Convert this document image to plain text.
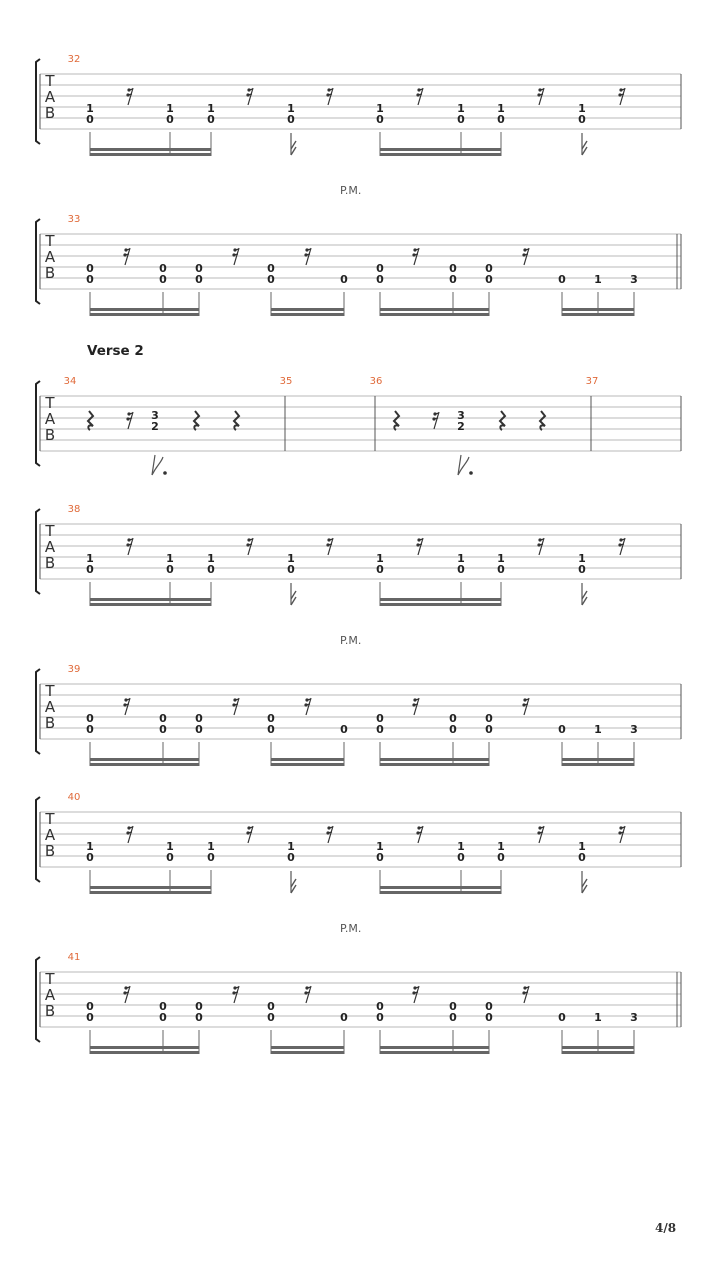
Verse 2
P.M.
P.M.
P.M.
4/8
T
A
B
32
1
0
1
0
1
0
1
0
1
0
1
0
1
0
1
0
T
A
B
33
0
0
0
0
0
0
0
0	0
0
0
0
0
0
0	0	1	3
T
A
B
34	35	36	37
3
2
3
2
T
A
B
38
1
0
1
0
1
0
1
0
1
0
1
0
1
0
1
0
T
A
B
39
0
0
0
0
0
0
0
0	0
0
0
0
0
0
0	0	1	3
T
A
B
40
1
0
1
0
1
0
1
0
1
0
1
0
1
0
1
0
T
A
B
41
0
0
0
0
0
0
0
0	0
0
0
0
0
0
0	0	1	3
